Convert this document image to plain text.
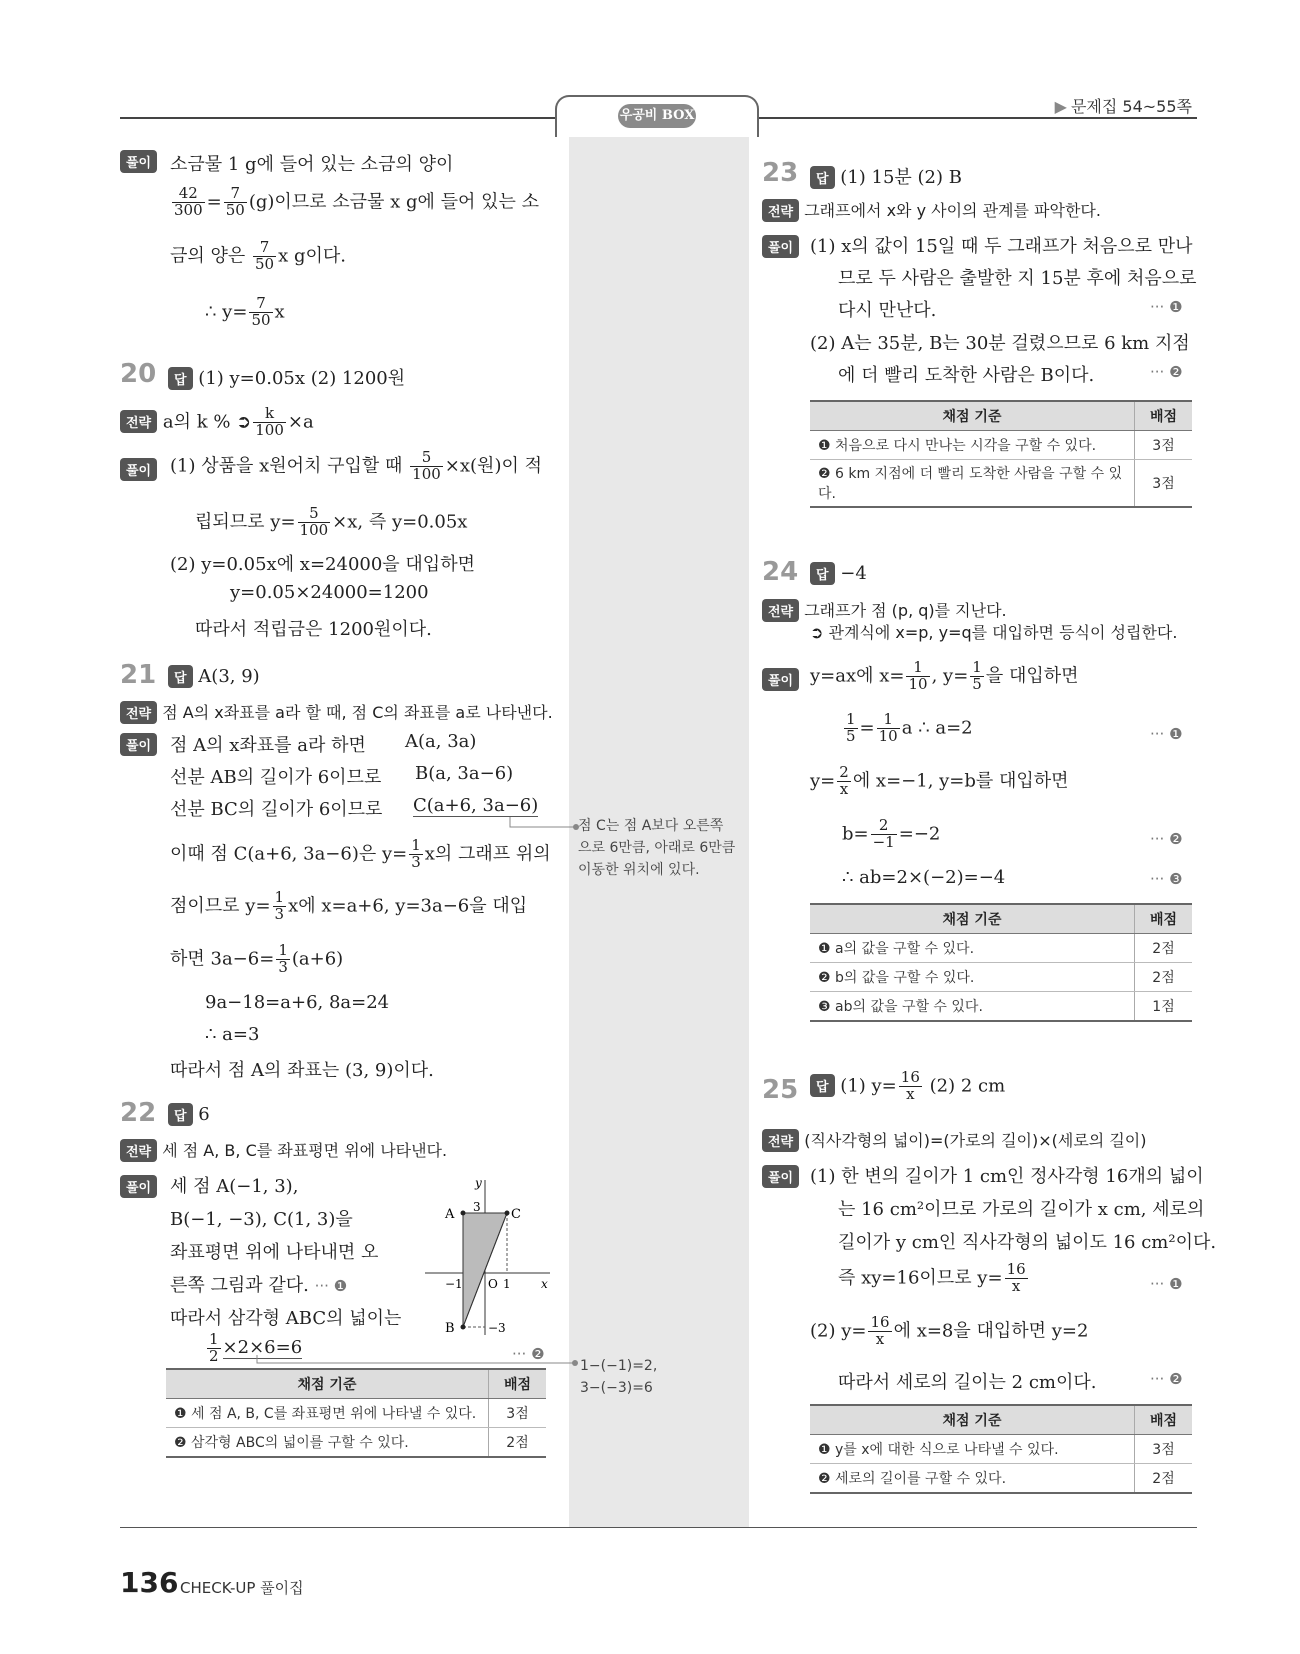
우공비 BOX	▶ 문제집 54~55쪽
풀이	소금물 1 g에 들어 있는 소금의 양이
$\frac{42}{300} = \frac{7}{50} (g)$이므로 소금물 x g에 들어 있는 소
금의 양은 $\frac{7}{50}$ x g이다.
∴ $y= \frac{7}{50}$ x
20	답 (1) y=0.05x (2) 1200원
전략 a의 k % ➲ $\frac{k}{100} \times a$
풀이	(1) 상품을 x원어치 구입할 때 $\frac{5}{100} \times x$(원)이 적
립되므로 $y= \frac{5}{100} \times x$, 즉 y=0.05x
(2) y=0.05x에 x=24000을 대입하면
y=0.05×24000=1200
따라서 적립금은 1200원이다.
21	답 A(3, 9)
전략 점 A의 x좌표를 a라 할 때, 점 C의 좌표를 a로 나타낸다.
풀이	점 A의 x좌표를 a라 하면 A(a, 3a)
선분 AB의 길이가 6이므로 B(a, 3a−6)
선분 BC의 길이가 6이므로 C(a+6, 3a−6)
점 C는 점 A보다 오른쪽으로 6만큼, 아래로 6만큼 이동한 위치에 있다.
이때 점 C(a+6, 3a−6)은 $y= \frac{1}{3}$ x의 그래프 위의
점이므로 $y= \frac{1}{3}$ x에 x=a+6, y=3a−6을 대입
하면 $3a-6= \frac{1}{3} (a+6)$
9a−18=a+6, 8a=24
∴ a=3
따라서 점 A의 좌표는 (3, 9)이다.
22	답 6
전략 세 점 A, B, C를 좌표평면 위에 나타낸다.
풀이	세 점 A(−1, 3),
B(−1, −3), C(1, 3)을
좌표평면 위에 나타내면 오
른쪽 그림과 같다. ··· ❶
따라서 삼각형 ABC의 넓이는
$\frac{1}{2} \times 2\times 6=6$	··· ❷
1−(−1)=2,
3−(−3)=6
y
x
O
A	C
B
3
−3
−1	1
채점 기준	배점
❶ 세 점 A, B, C를 좌표평면 위에 나타낼 수 있다.	3점
❷ 삼각형 ABC의 넓이를 구할 수 있다.	2점
23	답 (1) 15분 (2) B
전략 그래프에서 x와 y 사이의 관계를 파악한다.
풀이 (1) x의 값이 15일 때 두 그래프가 처음으로 만나
므로 두 사람은 출발한 지 15분 후에 처음으로
다시 만난다.	··· ❶
(2) A는 35분, B는 30분 걸렸으므로 6 km 지점
에 더 빨리 도착한 사람은 B이다.	··· ❷
채점 기준	배점
❶ 처음으로 다시 만나는 시각을 구할 수 있다.	3점
❷ 6 km 지점에 더 빨리 도착한 사람을 구할 수 있다.	3점
24	답 −4
전략 그래프가 점 (p, q)를 지난다.
➲ 관계식에 x=p, y=q를 대입하면 등식이 성립한다.
풀이 y=ax에 $x= \frac{1}{10}$ , $y= \frac{1}{5}$ 을 대입하면
$\frac{1}{5} = \frac{1}{10}$ a ∴ a=2	··· ❶
$y= \frac{2}{x}$ 에 x=−1, y=b를 대입하면
$b= \frac{2}{-1} =-2$	··· ❷
∴ ab=2×(−2)=−4	··· ❸
채점 기준	배점
❶ a의 값을 구할 수 있다.	2점
❷ b의 값을 구할 수 있다.	2점
❸ ab의 값을 구할 수 있다.	1점
25	답 (1) $y= \frac{16}{x} (2)$ 2 cm
전략 (직사각형의 넓이)=(가로의 길이)×(세로의 길이)
풀이 (1) 한 변의 길이가 1 cm인 정사각형 16개의 넓이
는 16 cm²이므로 가로의 길이가 x cm, 세로의
길이가 y cm인 직사각형의 넓이도 16 cm²이다.
즉 xy=16이므로 $y= \frac{16}{x}$	··· ❶
(2) $y= \frac{16}{x}$ 에 x=8을 대입하면 y=2
따라서 세로의 길이는 2 cm이다.	··· ❷
채점 기준	배점
❶ y를 x에 대한 식으로 나타낼 수 있다.	3점
❷ 세로의 길이를 구할 수 있다.	2점
136 CHECK-UP 풀이집
